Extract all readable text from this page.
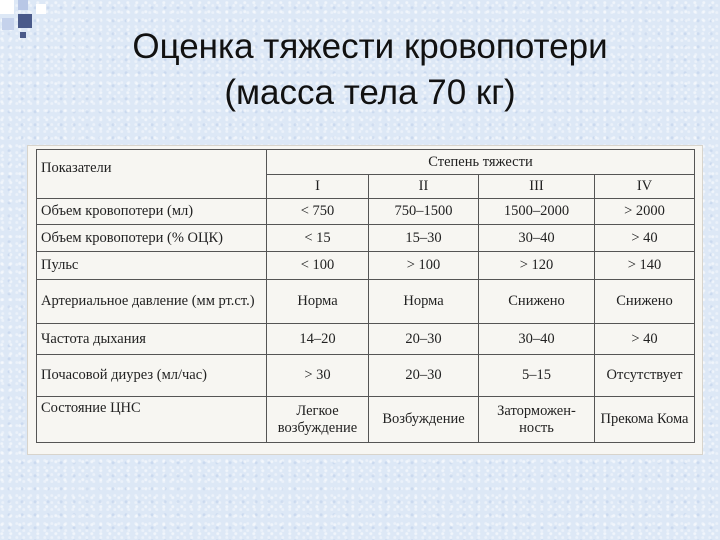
Оценка тяжести кровопотери
(масса тела 70 кг)
Показатели	Степень тяжести			
	I	II	III	IV
Объем кровопотери (мл)	< 750	750–1500	1500–2000	> 2000
Объем кровопотери (% ОЦК)	< 15	15–30	30–40	> 40
Пульс	< 100	> 100	> 120	> 140
Артериальное давление (мм рт.ст.)	Норма	Норма	Снижено	Снижено
Частота дыхания	14–20	20–30	30–40	> 40
Почасовой диурез (мл/час)	> 30	20–30	5–15	Отсутствует
Состояние ЦНС	Легкое возбуждение	Возбуждение	Заторможен-ность	Прекома Кома
